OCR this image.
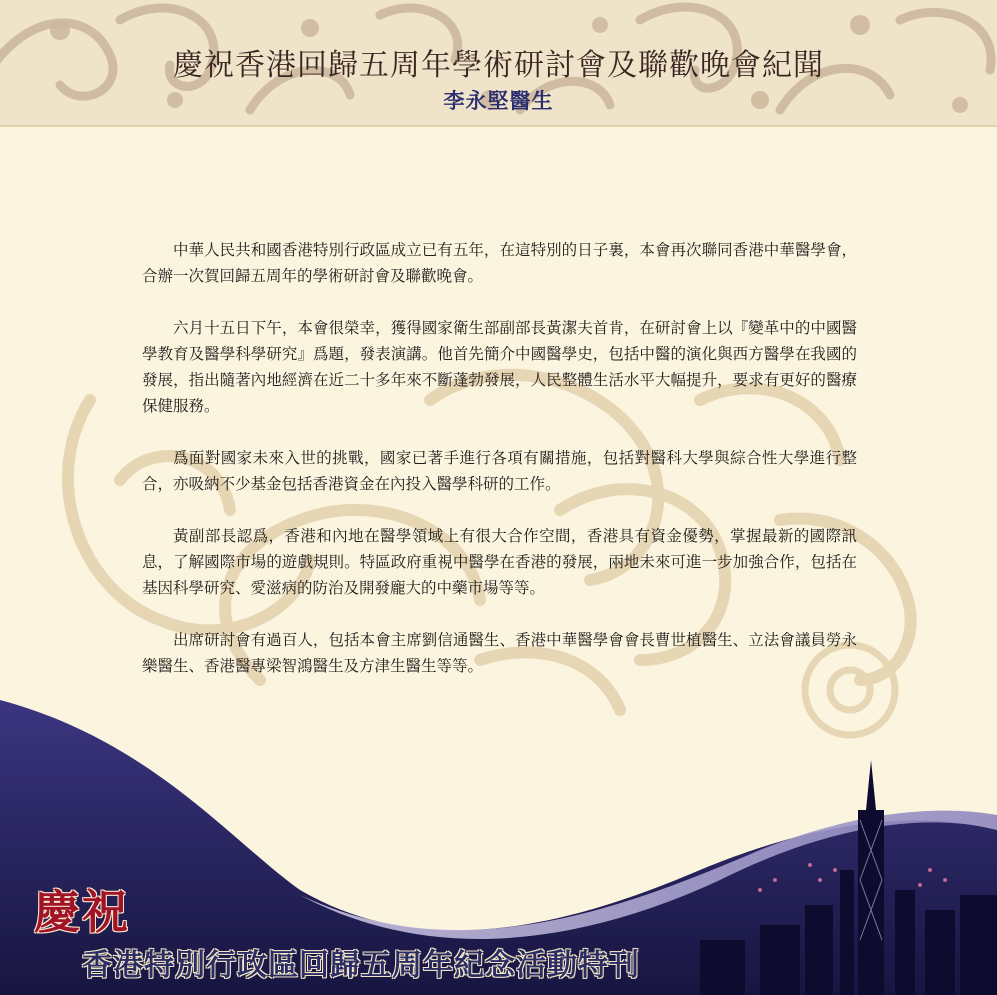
慶祝香港回歸五周年學術研討會及聯歡晚會紀聞
李永堅醫生

中華人民共和國香港特別行政區成立已有五年，在這特別的日子裏，本會再次聯同香港中華醫學會，合辦一次賀回歸五周年的學術研討會及聯歡晚會。

六月十五日下午，本會很榮幸，獲得國家衛生部副部長黃潔夫首肯，在研討會上以『變革中的中國醫學教育及醫學科學研究』爲題，發表演講。他首先簡介中國醫學史，包括中醫的演化與西方醫學在我國的發展，指出隨著內地經濟在近二十多年來不斷蓬勃發展，人民整體生活水平大幅提升，要求有更好的醫療保健服務。

爲面對國家未來入世的挑戰，國家已著手進行各項有關措施，包括對醫科大學與綜合性大學進行整合，亦吸納不少基金包括香港資金在內投入醫學科研的工作。

黃副部長認爲，香港和內地在醫學領域上有很大合作空間，香港具有資金優勢，掌握最新的國際訊息，了解國際市場的遊戲規則。特區政府重視中醫學在香港的發展，兩地未來可進一步加強合作，包括在基因科學研究、愛滋病的防治及開發龐大的中藥市場等等。

出席研討會有過百人，包括本會主席劉信通醫生、香港中華醫學會會長曹世植醫生、立法會議員勞永樂醫生、香港醫專梁智鴻醫生及方津生醫生等等。

慶祝
香港特別行政區回歸五周年紀念活動特刊
